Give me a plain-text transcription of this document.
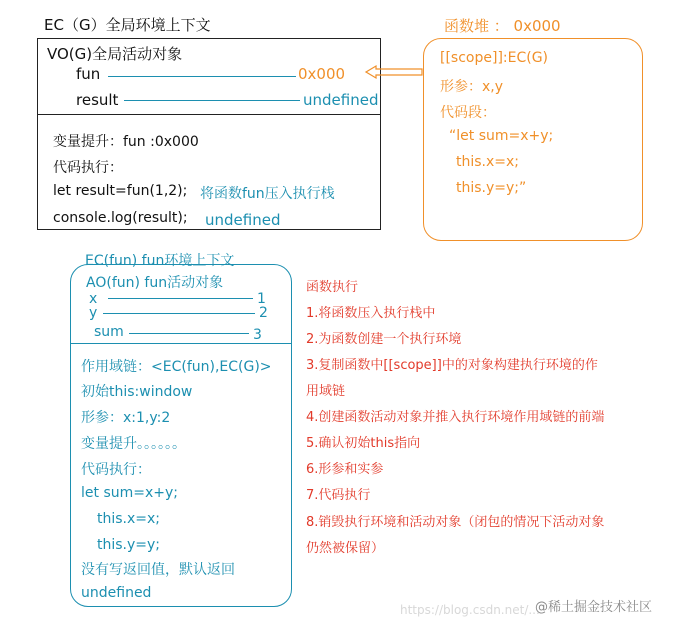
EC（G）全局环境上下文
VO(G)全局活动对象
fun	0x000
result	undefined
变量提升：fun :0x000
代码执行：
let result=fun(1,2); 将函数fun压入执行栈
console.log(result); undefined
函数堆 ： 0x000
[[scope]]:EC(G)
形参：x,y
代码段：
“let sum=x+y;
this.x=x;
this.y=y;”
EC(fun) fun环境上下文
AO(fun) fun活动对象
x	1
y	2
sum	3
作用域链：<EC(fun),EC(G)>
初始this:window
形参：x:1,y:2
变量提升。。。。。。
代码执行：
let sum=x+y;
this.x=x;
this.y=y;
没有写返回值，默认返回
undefined
函数执行
1.将函数压入执行栈中
2.为函数创建一个执行环境
3.复制函数中[[scope]]中的对象构建执行环境的作
用域链
4.创建函数活动对象并推入执行环境作用域链的前端
5.确认初始this指向
6.形参和实参
7.代码执行
8.销毁执行环境和活动对象（闭包的情况下活动对象
仍然被保留）
https://blog.csdn.net/...
@稀土掘金技术社区
